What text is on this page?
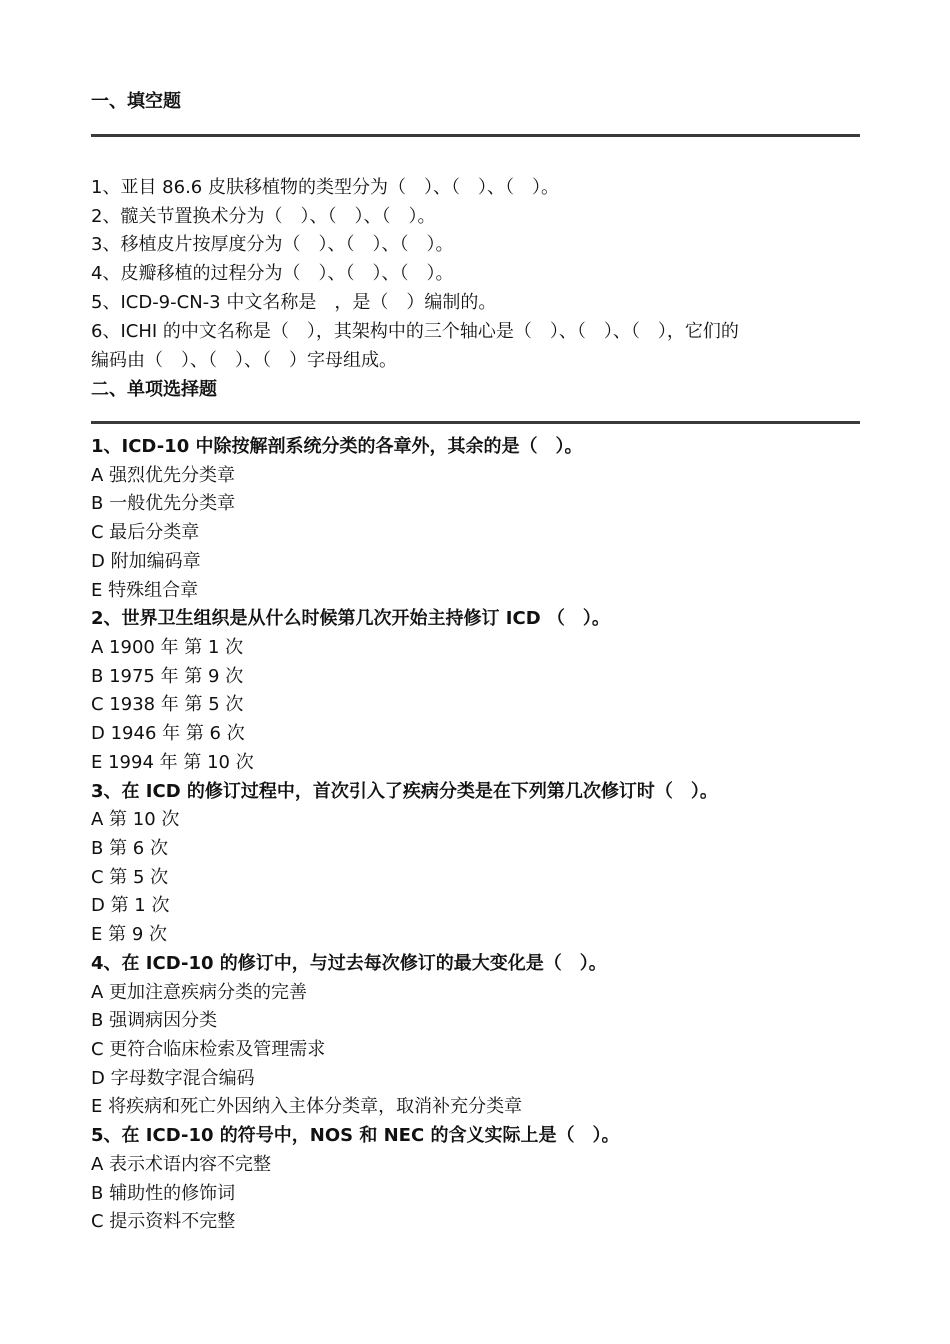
一、填空题
1、亚目 86.6 皮肤移植物的类型分为（　）、（　）、（　）。
2、髋关节置换术分为（　）、（　）、（　）。
3、移植皮片按厚度分为（　）、（　）、（　）。
4、皮瓣移植的过程分为（　）、（　）、（　）。
5、ICD-9-CN-3 中文名称是　，是（　）编制的。
6、ICHI 的中文名称是（　），其架构中的三个轴心是（　）、（　）、（　），它们的
编码由（　）、（　）、（　）字母组成。
二、单项选择题
1、ICD-10 中除按解剖系统分类的各章外，其余的是（　）。
A 强烈优先分类章
B 一般优先分类章
C 最后分类章
D 附加编码章
E 特殊组合章
2、世界卫生组织是从什么时候第几次开始主持修订 ICD （　）。
A 1900 年 第 1 次
B 1975 年 第 9 次
C 1938 年 第 5 次
D 1946 年 第 6 次
E 1994 年 第 10 次
3、在 ICD 的修订过程中，首次引入了疾病分类是在下列第几次修订时（　）。
A 第 10 次
B 第 6 次
C 第 5 次
D 第 1 次
E 第 9 次
4、在 ICD-10 的修订中，与过去每次修订的最大变化是（　）。
A 更加注意疾病分类的完善
B 强调病因分类
C 更符合临床检索及管理需求
D 字母数字混合编码
E 将疾病和死亡外因纳入主体分类章，取消补充分类章
5、在 ICD-10 的符号中，NOS 和 NEC 的含义实际上是（　）。
A 表示术语内容不完整
B 辅助性的修饰词
C 提示资料不完整
